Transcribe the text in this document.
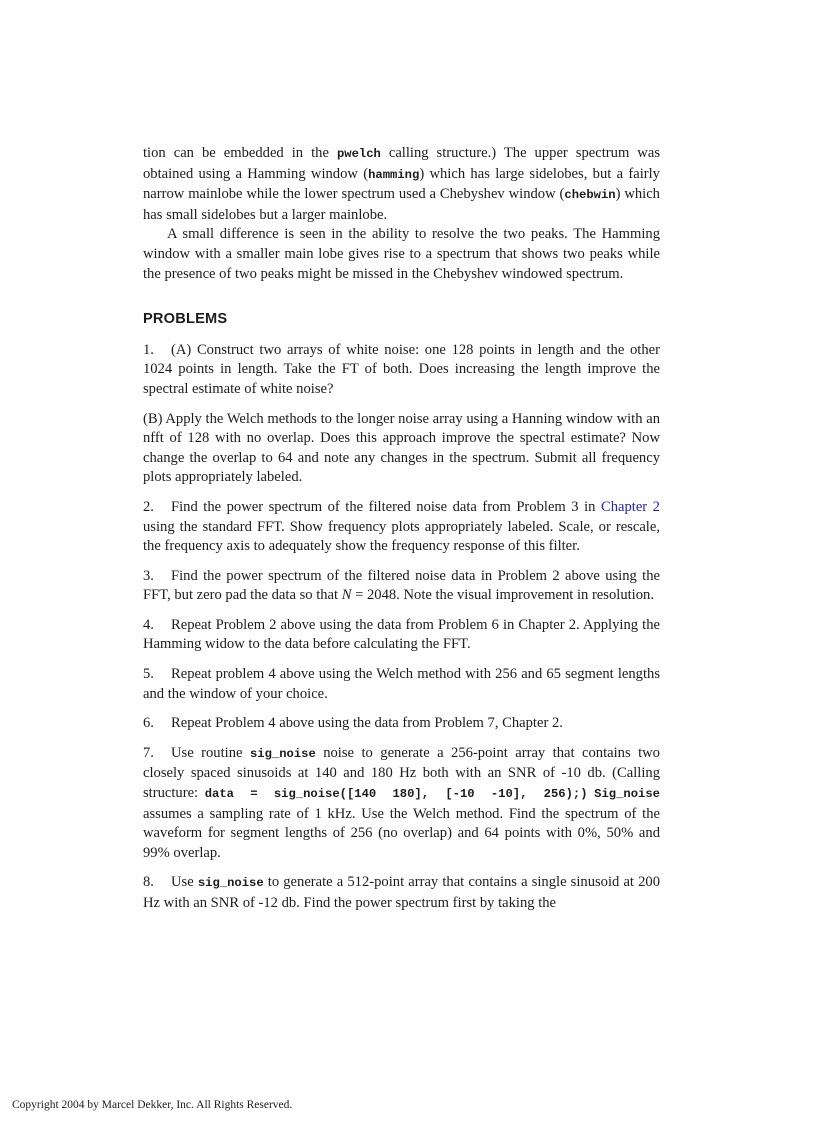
tion can be embedded in the pwelch calling structure.) The upper spectrum was obtained using a Hamming window (hamming) which has large sidelobes, but a fairly narrow mainlobe while the lower spectrum used a Chebyshev window (chebwin) which has small sidelobes but a larger mainlobe.

A small difference is seen in the ability to resolve the two peaks. The Hamming window with a smaller main lobe gives rise to a spectrum that shows two peaks while the presence of two peaks might be missed in the Chebyshev windowed spectrum.

PROBLEMS

1. (A) Construct two arrays of white noise: one 128 points in length and the other 1024 points in length. Take the FT of both. Does increasing the length improve the spectral estimate of white noise?

(B) Apply the Welch methods to the longer noise array using a Hanning window with an nfft of 128 with no overlap. Does this approach improve the spectral estimate? Now change the overlap to 64 and note any changes in the spectrum. Submit all frequency plots appropriately labeled.

2. Find the power spectrum of the filtered noise data from Problem 3 in Chapter 2 using the standard FFT. Show frequency plots appropriately labeled. Scale, or rescale, the frequency axis to adequately show the frequency response of this filter.

3. Find the power spectrum of the filtered noise data in Problem 2 above using the FFT, but zero pad the data so that N = 2048. Note the visual improvement in resolution.

4. Repeat Problem 2 above using the data from Problem 6 in Chapter 2. Applying the Hamming widow to the data before calculating the FFT.

5. Repeat problem 4 above using the Welch method with 256 and 65 segment lengths and the window of your choice.

6. Repeat Problem 4 above using the data from Problem 7, Chapter 2.

7. Use routine sig_noise noise to generate a 256-point array that contains two closely spaced sinusoids at 140 and 180 Hz both with an SNR of -10 db. (Calling structure: data = sig_noise([140 180], [-10 -10], 256);) Sig_noise assumes a sampling rate of 1 kHz. Use the Welch method. Find the spectrum of the waveform for segment lengths of 256 (no overlap) and 64 points with 0%, 50% and 99% overlap.

8. Use sig_noise to generate a 512-point array that contains a single sinusoid at 200 Hz with an SNR of -12 db. Find the power spectrum first by taking the

Copyright 2004 by Marcel Dekker, Inc. All Rights Reserved.
